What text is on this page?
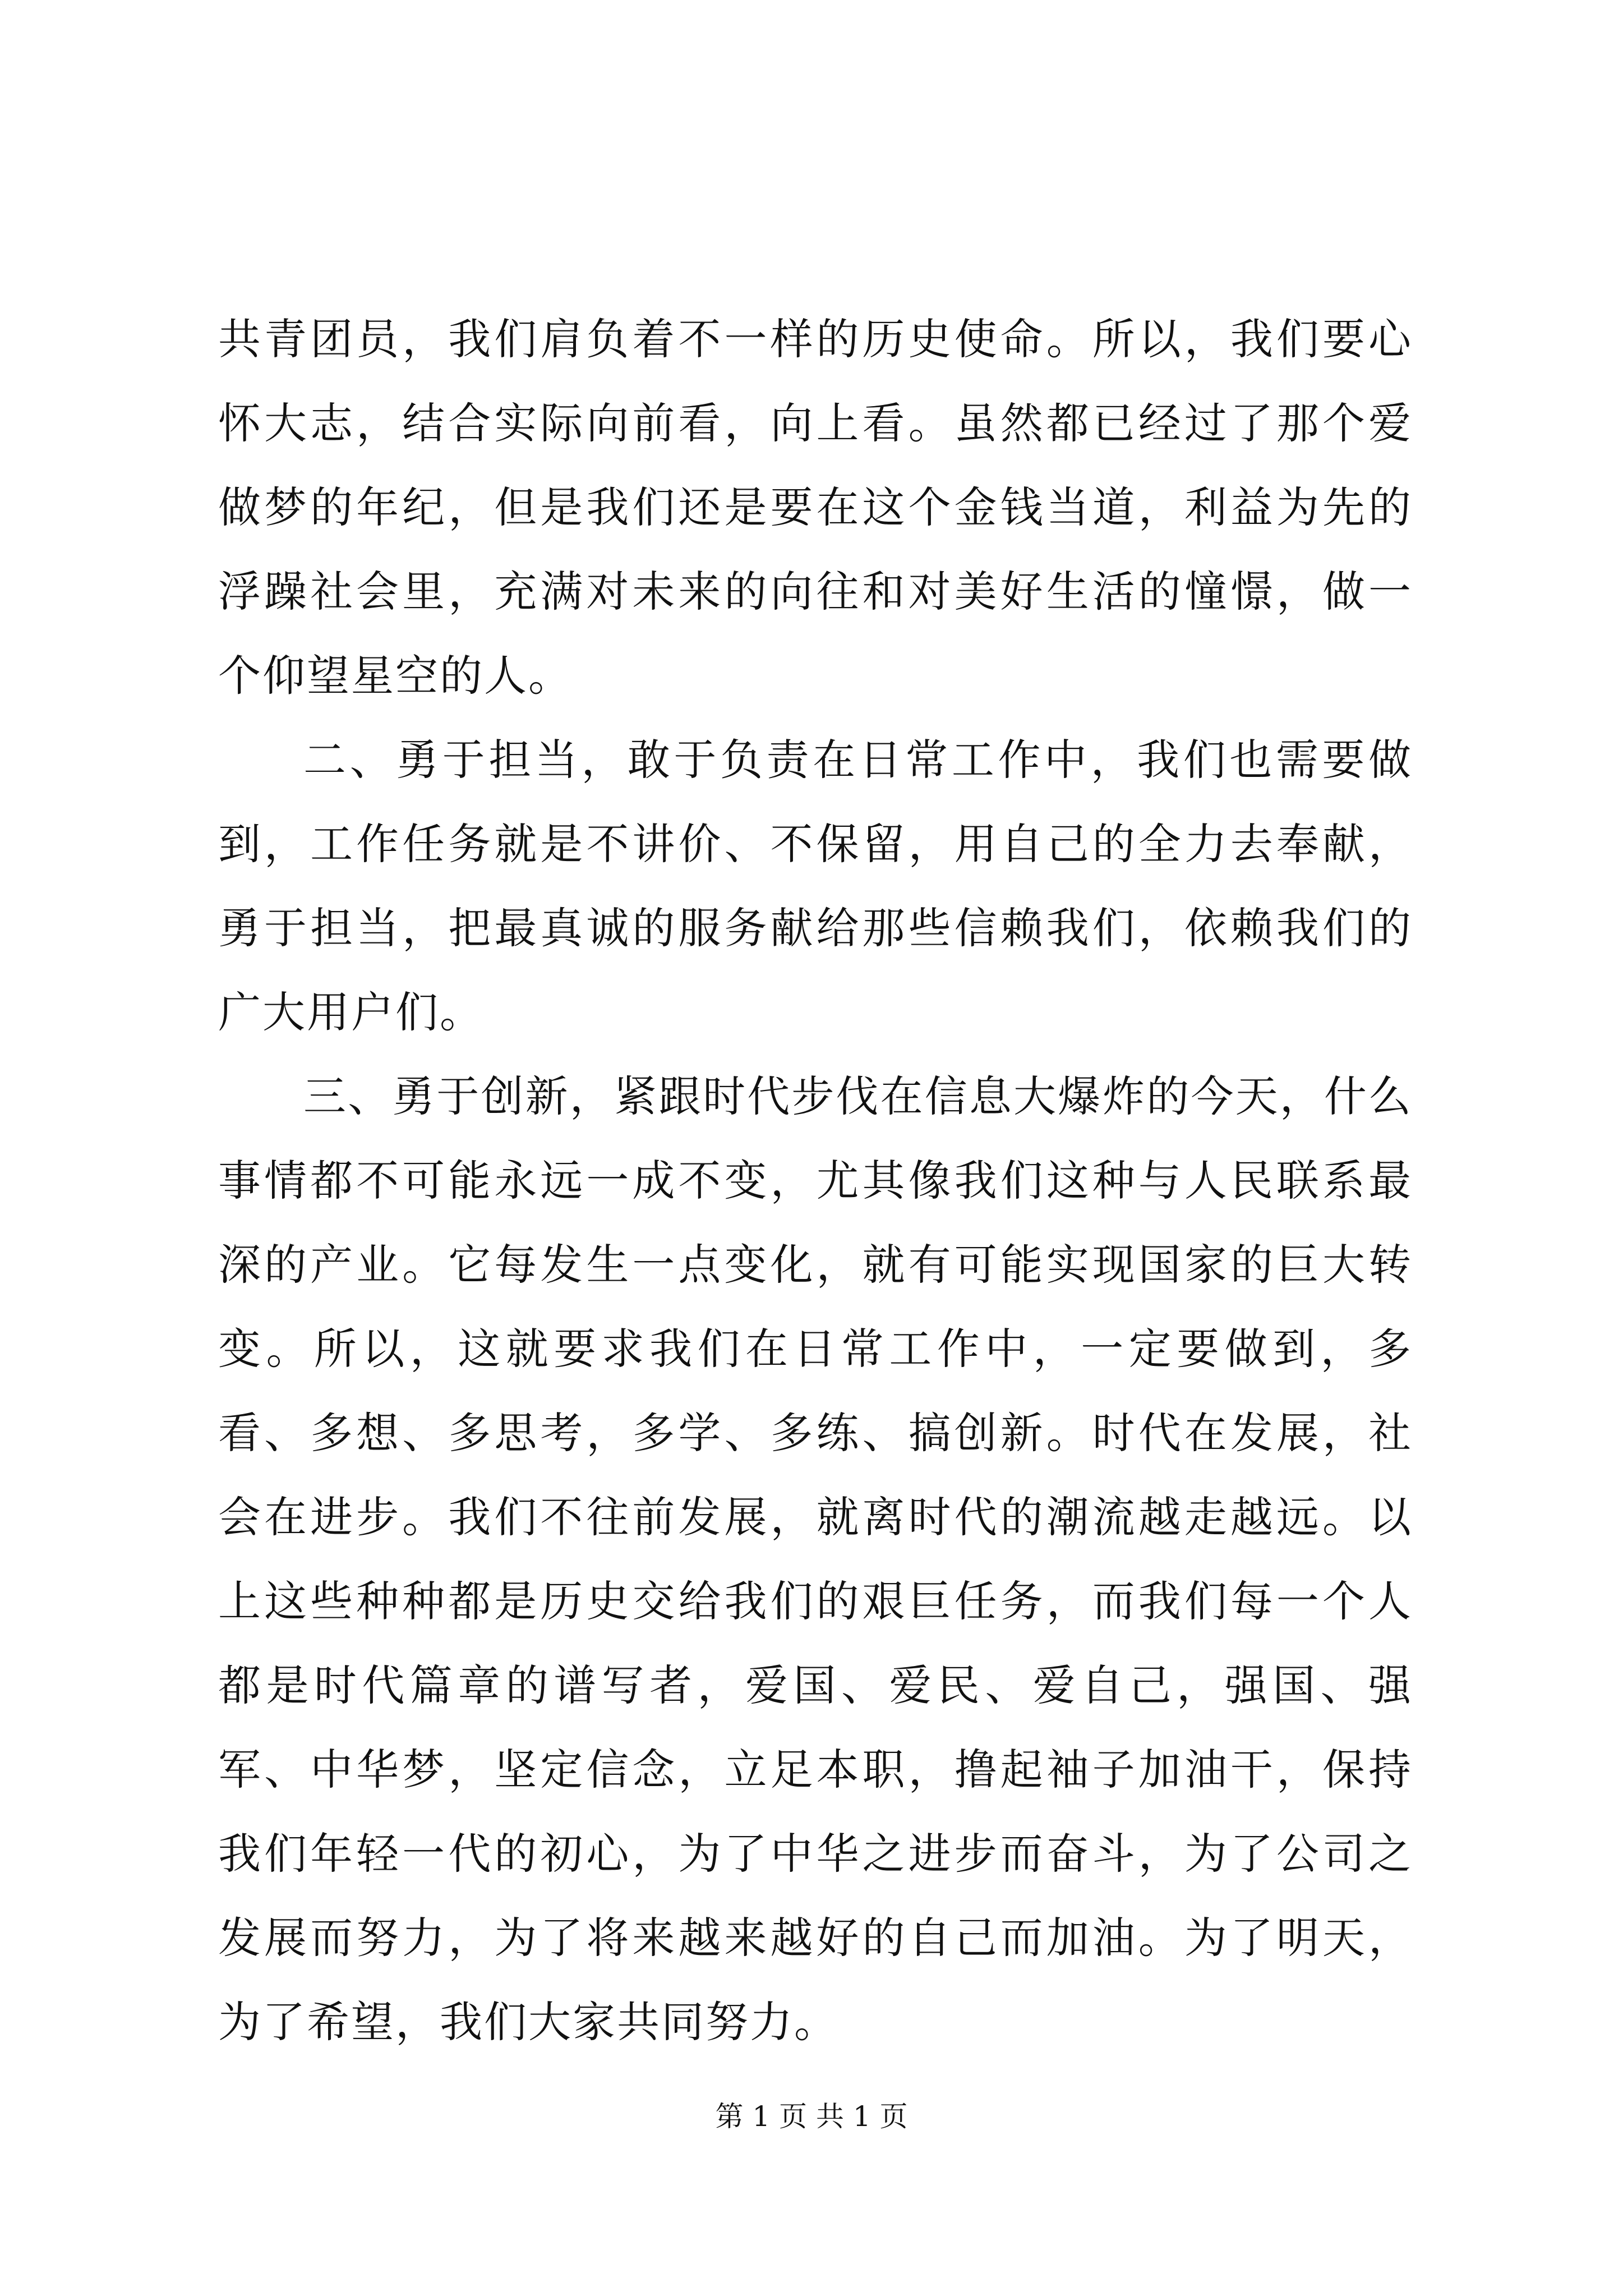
共青团员，我们肩负着不一样的历史使命。所以，我们要心怀大志，结合实际向前看，向上看。虽然都已经过了那个爱做梦的年纪，但是我们还是要在这个金钱当道，利益为先的浮躁社会里，充满对未来的向往和对美好生活的憧憬，做一个仰望星空的人。

二、勇于担当，敢于负责在日常工作中，我们也需要做到，工作任务就是不讲价、不保留，用自己的全力去奉献，勇于担当，把最真诚的服务献给那些信赖我们，依赖我们的广大用户们。

三、勇于创新，紧跟时代步伐在信息大爆炸的今天，什么事情都不可能永远一成不变，尤其像我们这种与人民联系最深的产业。它每发生一点变化，就有可能实现国家的巨大转变。所以，这就要求我们在日常工作中，一定要做到，多看、多想、多思考，多学、多练、搞创新。时代在发展，社会在进步。我们不往前发展，就离时代的潮流越走越远。以上这些种种都是历史交给我们的艰巨任务，而我们每一个人都是时代篇章的谱写者，爱国、爱民、爱自己，强国、强军、中华梦，坚定信念，立足本职，撸起袖子加油干，保持我们年轻一代的初心，为了中华之进步而奋斗，为了公司之发展而努力，为了将来越来越好的自己而加油。为了明天，为了希望，我们大家共同努力。

第 1 页 共 1 页
